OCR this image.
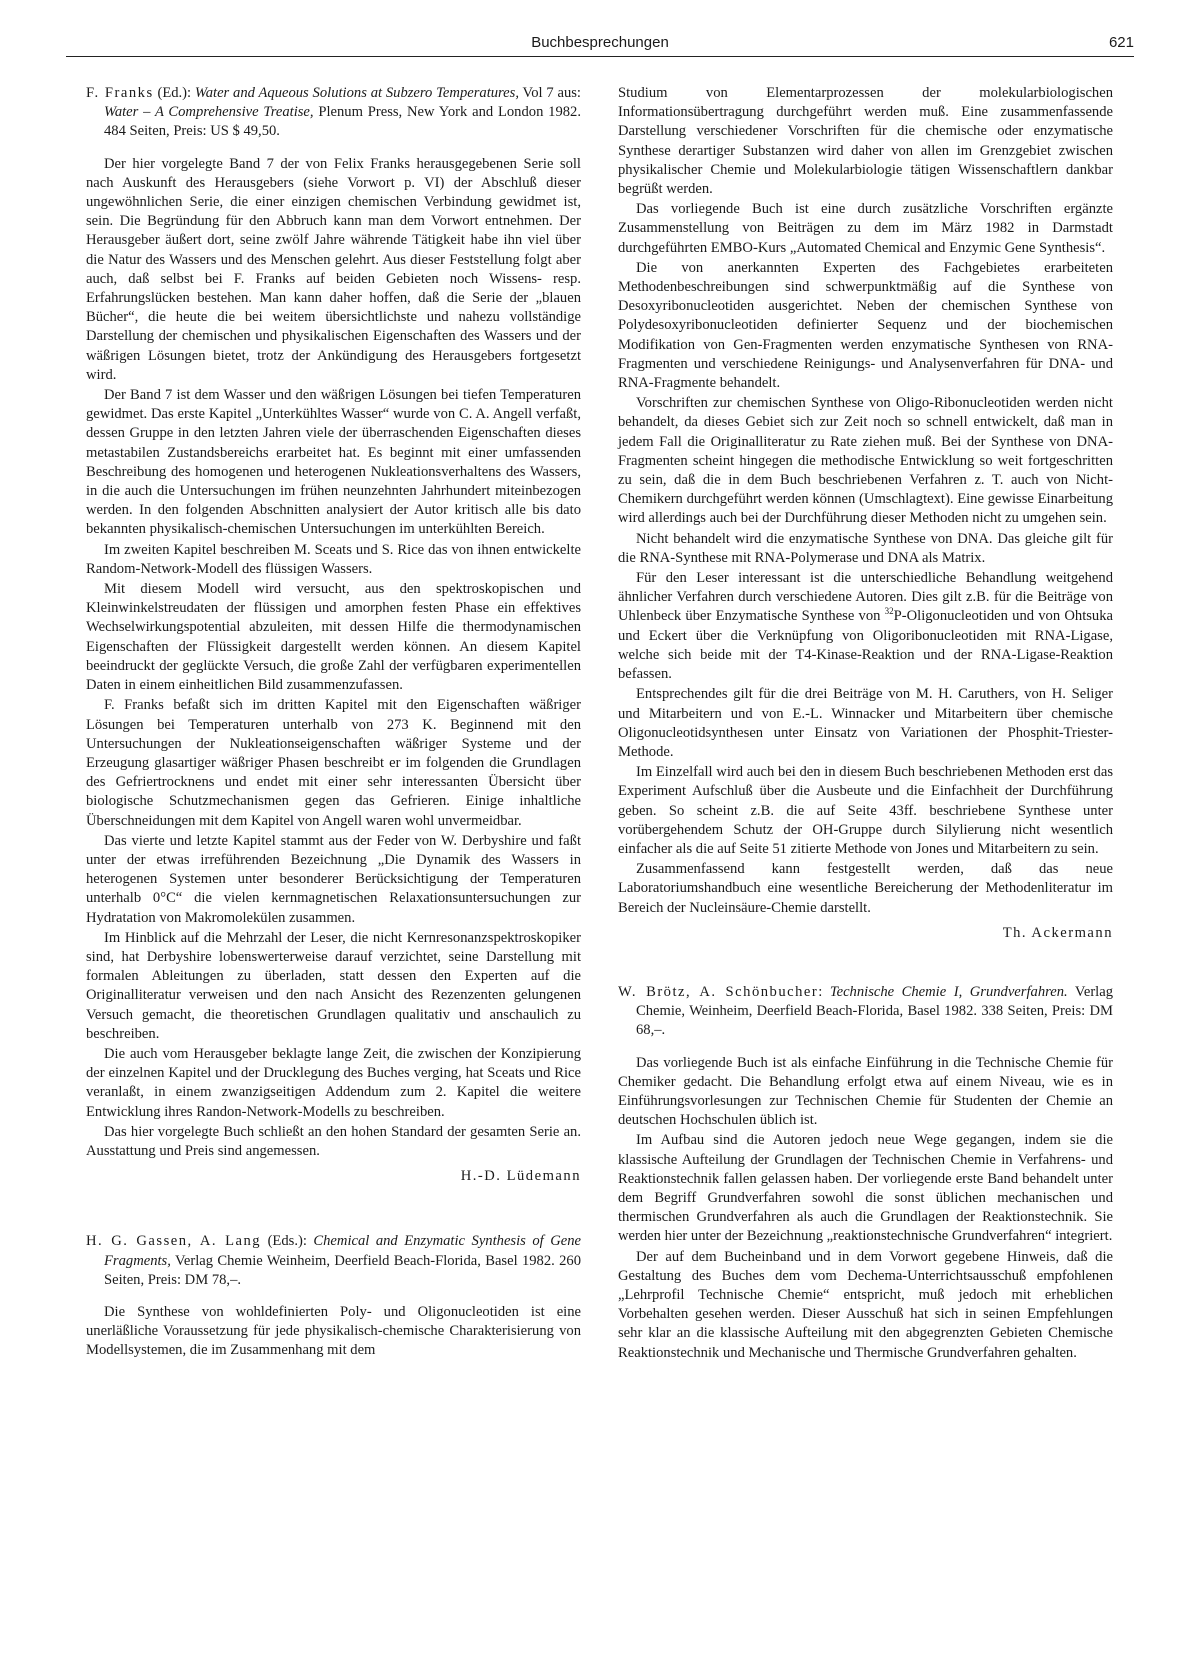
Buchbesprechungen	621
F. Franks (Ed.): Water and Aqueous Solutions at Subzero Temperatures, Vol 7 aus: Water – A Comprehensive Treatise, Plenum Press, New York and London 1982. 484 Seiten, Preis: US $ 49,50.

Der hier vorgelegte Band 7 der von Felix Franks herausgegebenen Serie soll nach Auskunft des Herausgebers (siehe Vorwort p. VI) der Abschluß dieser ungewöhnlichen Serie, die einer einzigen chemischen Verbindung gewidmet ist, sein. Die Begründung für den Abbruch kann man dem Vorwort entnehmen. Der Herausgeber äußert dort, seine zwölf Jahre währende Tätigkeit habe ihn viel über die Natur des Wassers und des Menschen gelehrt. Aus dieser Feststellung folgt aber auch, daß selbst bei F. Franks auf beiden Gebieten noch Wissens- resp. Erfahrungslücken bestehen. Man kann daher hoffen, daß die Serie der „blauen Bücher“, die heute die bei weitem übersichtlichste und nahezu vollständige Darstellung der chemischen und physikalischen Eigenschaften des Wassers und der wäßrigen Lösungen bietet, trotz der Ankündigung des Herausgebers fortgesetzt wird.

Der Band 7 ist dem Wasser und den wäßrigen Lösungen bei tiefen Temperaturen gewidmet. Das erste Kapitel „Unterkühltes Wasser“ wurde von C. A. Angell verfaßt, dessen Gruppe in den letzten Jahren viele der überraschenden Eigenschaften dieses metastabilen Zustandsbereichs erarbeitet hat. Es beginnt mit einer umfassenden Beschreibung des homogenen und heterogenen Nukleationsverhaltens des Wassers, in die auch die Untersuchungen im frühen neunzehnten Jahrhundert miteinbezogen werden. In den folgenden Abschnitten analysiert der Autor kritisch alle bis dato bekannten physikalisch-chemischen Untersuchungen im unterkühlten Bereich.

Im zweiten Kapitel beschreiben M. Sceats und S. Rice das von ihnen entwickelte Random-Network-Modell des flüssigen Wassers.

Mit diesem Modell wird versucht, aus den spektroskopischen und Kleinwinkelstreudaten der flüssigen und amorphen festen Phase ein effektives Wechselwirkungspotential abzuleiten, mit dessen Hilfe die thermodynamischen Eigenschaften der Flüssigkeit dargestellt werden können. An diesem Kapitel beeindruckt der geglückte Versuch, die große Zahl der verfügbaren experimentellen Daten in einem einheitlichen Bild zusammenzufassen.

F. Franks befaßt sich im dritten Kapitel mit den Eigenschaften wäßriger Lösungen bei Temperaturen unterhalb von 273 K. Beginnend mit den Untersuchungen der Nukleationseigenschaften wäßriger Systeme und der Erzeugung glasartiger wäßriger Phasen beschreibt er im folgenden die Grundlagen des Gefriertrocknens und endet mit einer sehr interessanten Übersicht über biologische Schutzmechanismen gegen das Gefrieren. Einige inhaltliche Überschneidungen mit dem Kapitel von Angell waren wohl unvermeidbar.

Das vierte und letzte Kapitel stammt aus der Feder von W. Derbyshire und faßt unter der etwas irreführenden Bezeichnung „Die Dynamik des Wassers in heterogenen Systemen unter besonderer Berücksichtigung der Temperaturen unterhalb 0°C“ die vielen kernmagnetischen Relaxationsuntersuchungen zur Hydratation von Makromolekülen zusammen.

Im Hinblick auf die Mehrzahl der Leser, die nicht Kernresonanzspektroskopiker sind, hat Derbyshire lobenswerterweise darauf verzichtet, seine Darstellung mit formalen Ableitungen zu überladen, statt dessen den Experten auf die Originalliteratur verweisen und den nach Ansicht des Rezenzenten gelungenen Versuch gemacht, die theoretischen Grundlagen qualitativ und anschaulich zu beschreiben.

Die auch vom Herausgeber beklagte lange Zeit, die zwischen der Konzipierung der einzelnen Kapitel und der Drucklegung des Buches verging, hat Sceats und Rice veranlaßt, in einem zwanzigseitigen Addendum zum 2. Kapitel die weitere Entwicklung ihres Randon-Network-Modells zu beschreiben.

Das hier vorgelegte Buch schließt an den hohen Standard der gesamten Serie an. Ausstattung und Preis sind angemessen.

H.-D. Lüdemann
H. G. Gassen, A. Lang (Eds.): Chemical and Enzymatic Synthesis of Gene Fragments, Verlag Chemie Weinheim, Deerfield Beach-Florida, Basel 1982. 260 Seiten, Preis: DM 78,–.

Die Synthese von wohldefinierten Poly- und Oligonucleotiden ist eine unerläßliche Voraussetzung für jede physikalisch-chemische Charakterisierung von Modellsystemen, die im Zusammenhang mit dem

Studium von Elementarprozessen der molekularbiologischen Informationsübertragung durchgeführt werden muß. Eine zusammenfassende Darstellung verschiedener Vorschriften für die chemische oder enzymatische Synthese derartiger Substanzen wird daher von allen im Grenzgebiet zwischen physikalischer Chemie und Molekularbiologie tätigen Wissenschaftlern dankbar begrüßt werden.

Das vorliegende Buch ist eine durch zusätzliche Vorschriften ergänzte Zusammenstellung von Beiträgen zu dem im März 1982 in Darmstadt durchgeführten EMBO-Kurs „Automated Chemical and Enzymic Gene Synthesis“.

Die von anerkannten Experten des Fachgebietes erarbeiteten Methodenbeschreibungen sind schwerpunktmäßig auf die Synthese von Desoxyribonucleotiden ausgerichtet. Neben der chemischen Synthese von Polydesoxyribonucleotiden definierter Sequenz und der biochemischen Modifikation von Gen-Fragmenten werden enzymatische Synthesen von RNA-Fragmenten und verschiedene Reinigungs- und Analysenverfahren für DNA- und RNA-Fragmente behandelt.

Vorschriften zur chemischen Synthese von Oligo-Ribonucleotiden werden nicht behandelt, da dieses Gebiet sich zur Zeit noch so schnell entwickelt, daß man in jedem Fall die Originalliteratur zu Rate ziehen muß. Bei der Synthese von DNA-Fragmenten scheint hingegen die methodische Entwicklung so weit fortgeschritten zu sein, daß die in dem Buch beschriebenen Verfahren z. T. auch von Nicht-Chemikern durchgeführt werden können (Umschlagtext). Eine gewisse Einarbeitung wird allerdings auch bei der Durchführung dieser Methoden nicht zu umgehen sein.

Nicht behandelt wird die enzymatische Synthese von DNA. Das gleiche gilt für die RNA-Synthese mit RNA-Polymerase und DNA als Matrix.

Für den Leser interessant ist die unterschiedliche Behandlung weitgehend ähnlicher Verfahren durch verschiedene Autoren. Dies gilt z.B. für die Beiträge von Uhlenbeck über Enzymatische Synthese von $^{32}$P-Oligonucleotiden und von Ohtsuka und Eckert über die Verknüpfung von Oligoribonucleotiden mit RNA-Ligase, welche sich beide mit der T4-Kinase-Reaktion und der RNA-Ligase-Reaktion befassen.

Entsprechendes gilt für die drei Beiträge von M. H. Caruthers, von H. Seliger und Mitarbeitern und von E.-L. Winnacker und Mitarbeitern über chemische Oligonucleotidsynthesen unter Einsatz von Variationen der Phosphit-Triester-Methode.

Im Einzelfall wird auch bei den in diesem Buch beschriebenen Methoden erst das Experiment Aufschluß über die Ausbeute und die Einfachheit der Durchführung geben. So scheint z.B. die auf Seite 43ff. beschriebene Synthese unter vorübergehendem Schutz der OH-Gruppe durch Silylierung nicht wesentlich einfacher als die auf Seite 51 zitierte Methode von Jones und Mitarbeitern zu sein.

Zusammenfassend kann festgestellt werden, daß das neue Laboratoriumshandbuch eine wesentliche Bereicherung der Methodenliteratur im Bereich der Nucleinsäure-Chemie darstellt.

Th. Ackermann
W. Brötz, A. Schönbucher: Technische Chemie I, Grundverfahren. Verlag Chemie, Weinheim, Deerfield Beach-Florida, Basel 1982. 338 Seiten, Preis: DM 68,–.

Das vorliegende Buch ist als einfache Einführung in die Technische Chemie für Chemiker gedacht. Die Behandlung erfolgt etwa auf einem Niveau, wie es in Einführungsvorlesungen zur Technischen Chemie für Studenten der Chemie an deutschen Hochschulen üblich ist.

Im Aufbau sind die Autoren jedoch neue Wege gegangen, indem sie die klassische Aufteilung der Grundlagen der Technischen Chemie in Verfahrens- und Reaktionstechnik fallen gelassen haben. Der vorliegende erste Band behandelt unter dem Begriff Grundverfahren sowohl die sonst üblichen mechanischen und thermischen Grundverfahren als auch die Grundlagen der Reaktionstechnik. Sie werden hier unter der Bezeichnung „reaktionstechnische Grundverfahren“ integriert.

Der auf dem Bucheinband und in dem Vorwort gegebene Hinweis, daß die Gestaltung des Buches dem vom Dechema-Unterrichtsausschuß empfohlenen „Lehrprofil Technische Chemie“ entspricht, muß jedoch mit erheblichen Vorbehalten gesehen werden. Dieser Ausschuß hat sich in seinen Empfehlungen sehr klar an die klassische Aufteilung mit den abgegrenzten Gebieten Chemische Reaktionstechnik und Mechanische und Thermische Grundverfahren gehalten.
